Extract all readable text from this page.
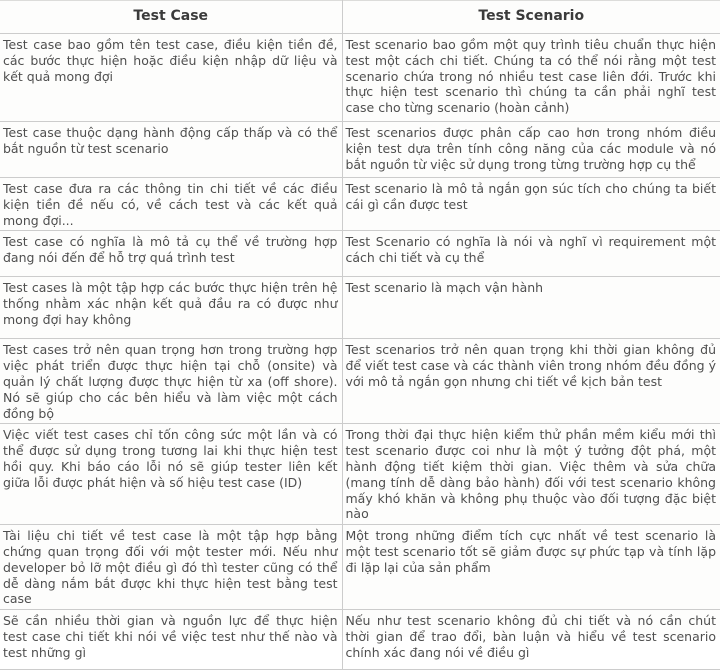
Test Case	Test Scenario
Test case bao gồm tên test case, điều kiện tiền đề, các bước thực hiện hoặc điều kiện nhập dữ liệu và kết quả mong đợi	Test scenario bao gồm một quy trình tiêu chuẩn thực hiện test một cách chi tiết. Chúng ta có thể nói rằng một test scenario chứa trong nó nhiều test case liên đới. Trước khi thực hiện test scenario thì chúng ta cần phải nghĩ test case cho từng scenario (hoàn cảnh)
Test case thuộc dạng hành động cấp thấp và có thể bắt nguồn từ test scenario	Test scenarios được phân cấp cao hơn trong nhóm điều kiện test dựa trên tính công năng của các module và nó bắt nguồn từ việc sử dụng trong từng trường hợp cụ thể
Test case đưa ra các thông tin chi tiết về các điều kiện tiền đề nếu có, về cách test và các kết quả mong đợi...	Test scenario là mô tả ngắn gọn súc tích cho chúng ta biết cái gì cần được test
Test case có nghĩa là mô tả cụ thể về trường hợp đang nói đến để hỗ trợ quá trình test	Test Scenario có nghĩa là nói và nghĩ vì requirement một cách chi tiết và cụ thể
Test cases là một tập hợp các bước thực hiện trên hệ thống nhằm xác nhận kết quả đầu ra có được như mong đợi hay không	Test scenario là mạch vận hành
Test cases trở nên quan trọng hơn trong trường hợp việc phát triển được thực hiện tại chỗ (onsite) và quản lý chất lượng được thực hiện từ xa (off shore). Nó sẽ giúp cho các bên hiểu và làm việc một cách đồng bộ	Test scenarios trở nên quan trọng khi thời gian không đủ để viết test case và các thành viên trong nhóm đều đồng ý với mô tả ngắn gọn nhưng chi tiết về kịch bản test
Việc viết test cases chỉ tốn công sức một lần và có thể được sử dụng trong tương lai khi thực hiện test hồi quy. Khi báo cáo lỗi nó sẽ giúp tester liên kết giữa lỗi được phát hiện và số hiệu test case (ID)	Trong thời đại thực hiện kiểm thử phần mềm kiểu mới thì test scenario được coi như là một ý tưởng đột phá, một hành động tiết kiệm thời gian. Việc thêm và sửa chữa (mang tính dễ dàng bảo hành) đối với test scenario không mấy khó khăn và không phụ thuộc vào đối tượng đặc biệt nào
Tài liệu chi tiết về test case là một tập hợp bằng chứng quan trọng đối với một tester mới. Nếu như developer bỏ lỡ một điều gì đó thì tester cũng có thể dễ dàng nắm bắt được khi thực hiện test bằng test case	Một trong những điểm tích cực nhất về test scenario là một test scenario tốt sẽ giảm được sự phức tạp và tính lặp đi lặp lại của sản phẩm
Sẽ cần nhiều thời gian và nguồn lực để thực hiện test case chi tiết khi nói về việc test như thế nào và test những gì	Nếu như test scenario không đủ chi tiết và nó cần chút thời gian để trao đổi, bàn luận và hiểu về test scenario chính xác đang nói về điều gì
